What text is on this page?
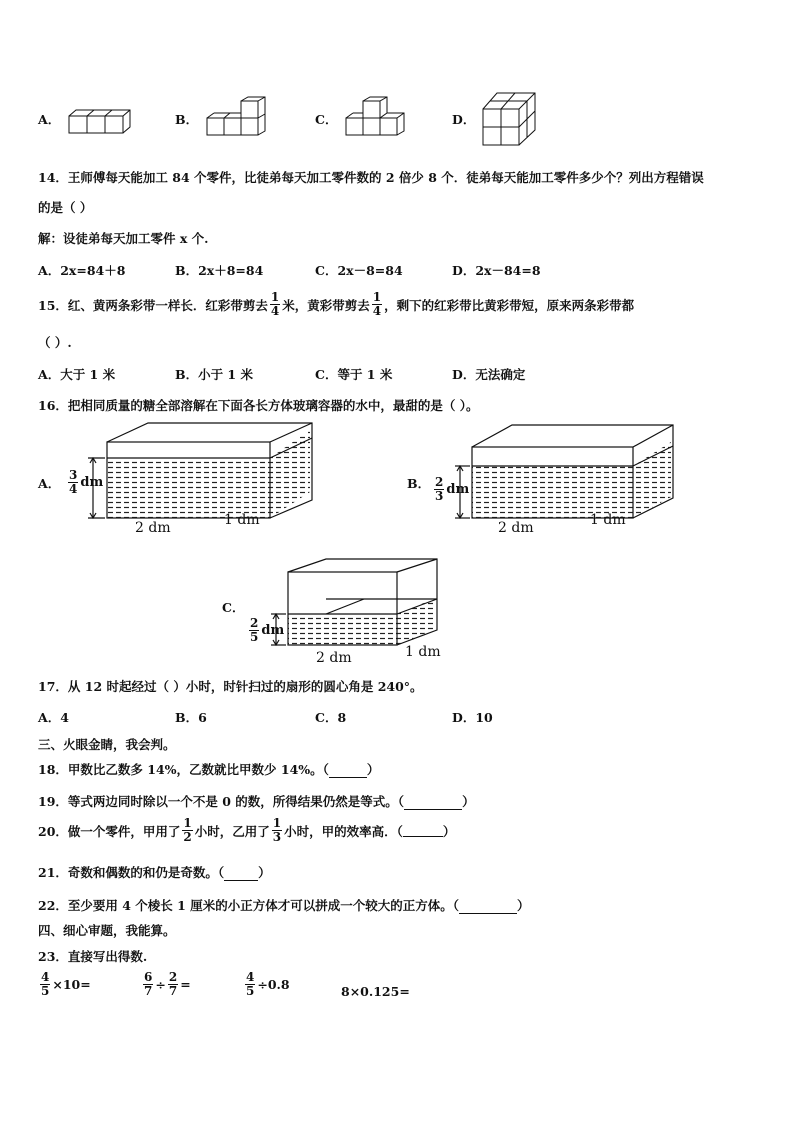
A．	B．	C．	D．
14．王师傅每天能加工 84 个零件，比徒弟每天加工零件数的 2 倍少 8 个．徒弟每天能加工零件多少个？列出方程错误
的是（ ）
解：设徒弟每天加工零件 x 个.
A．2x=84＋8	B．2x＋8=84	C．2x－8=84	D．2x－84=8
15．红、黄两条彩带一样长．红彩带剪去 $\frac{1}{4}$ 米，黄彩带剪去 $\frac{1}{4}$ ，剩下的红彩带比黄彩带短，原来两条彩带都
（ ）.
A．大于 1 米	B．小于 1 米	C．等于 1 米	D．无法确定
16．把相同质量的糖全部溶解在下面各长方体玻璃容器的水中，最甜的是（ ）。
A． $\frac{3}{4}$ dm
2 dm	1 dm
B． $\frac{2}{3}$ dm
2 dm	1 dm
C．
$\frac{2}{5}$ dm
2 dm	1 dm
17．从 12 时起经过（ ）小时，时针扫过的扇形的圆心角是 240°。
A．4	B．6	C．8	D．10
三、火眼金睛，我会判。
18．甲数比乙数多 14%，乙数就比甲数少 14%。（	）
19．等式两边同时除以一个不是 0 的数，所得结果仍然是等式。（	）
20．做一个零件，甲用了 $\frac{1}{2}$ 小时，乙用了 $\frac{1}{3}$ 小时，甲的效率高．（	）
21．奇数和偶数的和仍是奇数。（	）
22．至少要用 4 个棱长 1 厘米的小正方体才可以拼成一个较大的正方体。（	）
四、细心审题，我能算。
23．直接写出得数.
$\frac{4}{5} \times 10=$	$\frac{6}{7} \div \frac{2}{7}$ =	$\frac{4}{5} \div 0.8$	8×0.125=
